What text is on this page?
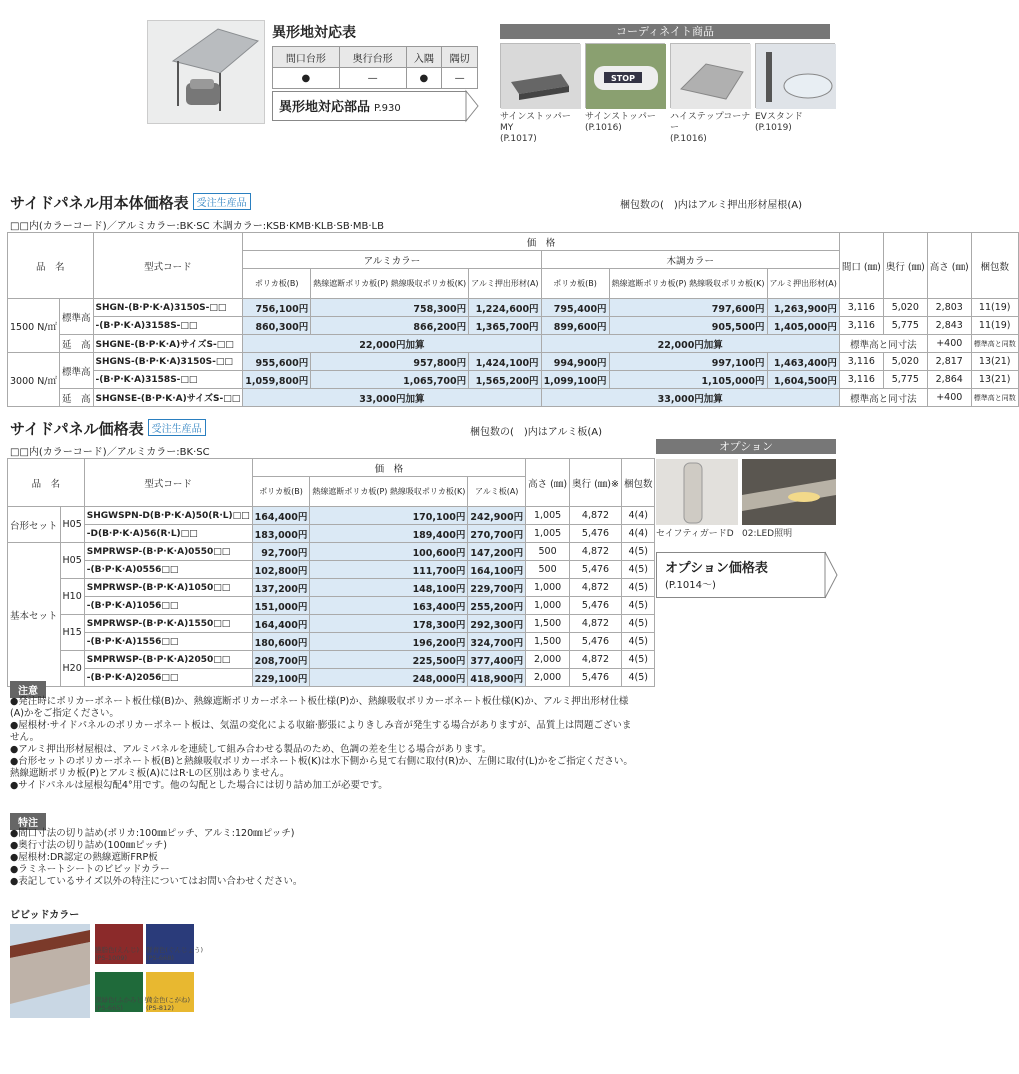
異形地対応表
間口台形	奥行台形	入隅	隅切
●	—	●	—
異形地対応部品 P.930
コーディネイト商品
STOP
サインストッパーMY
(P.1017)
サインストッパー
(P.1016)
ハイステップコーナー
(P.1016)
EVスタンド
(P.1019)
サイドパネル用本体価格表 受注生産品	梱包数の(　)内はアルミ押出形材屋根(A)
□□内(カラーコード)／アルミカラー:BK·SC 木調カラー:KSB·KMB·KLB·SB·MB·LB
品　名		型式コード	価　格						間口 (㎜)	奥行 (㎜)	高さ (㎜)	梱包数
			アルミカラー			木調カラー						
			ポリカ板(B)	熱線遮断ポリカ板(P) 熱線吸収ポリカ板(K)	アルミ押出形材(A)	ポリカ板(B)	熱線遮断ポリカ板(P) 熱線吸収ポリカ板(K)	アルミ押出形材(A)				
1500 N/㎡	標準高	SHGN-(B·P·K·A)3150S-□□	756,100円	758,300円	1,224,600円	795,400円	797,600円	1,263,900円	3,116	5,020	2,803	11(19)
		-(B·P·K·A)3158S-□□	860,300円	866,200円	1,365,700円	899,600円	905,500円	1,405,000円	3,116	5,775	2,843	11(19)
	延　高	SHGNE-(B·P·K·A)サイズS-□□	22,000円加算			22,000円加算			標準高と同寸法		+400	標準高と同数
3000 N/㎡	標準高	SHGNS-(B·P·K·A)3150S-□□	955,600円	957,800円	1,424,100円	994,900円	997,100円	1,463,400円	3,116	5,020	2,817	13(21)
		-(B·P·K·A)3158S-□□	1,059,800円	1,065,700円	1,565,200円	1,099,100円	1,105,000円	1,604,500円	3,116	5,775	2,864	13(21)
	延　高	SHGNSE-(B·P·K·A)サイズS-□□	33,000円加算			33,000円加算			標準高と同寸法		+400	標準高と同数
サイドパネル価格表 受注生産品	梱包数の(　)内はアルミ板(A)
□□内(カラーコード)／アルミカラー:BK·SC
品　名		型式コード	価　格			高さ (㎜)	奥行 (㎜)※	梱包数
			ポリカ板(B)	熱線遮断ポリカ板(P) 熱線吸収ポリカ板(K)	アルミ板(A)			
台形セット	H05	SHGWSPN-D(B·P·K·A)50(R·L)□□	164,400円	170,100円	242,900円	1,005	4,872	4(4)
		-D(B·P·K·A)56(R·L)□□	183,000円	189,400円	270,700円	1,005	5,476	4(4)
基本セット	H05	SMPRWSP-(B·P·K·A)0550□□	92,700円	100,600円	147,200円	500	4,872	4(5)
		-(B·P·K·A)0556□□	102,800円	111,700円	164,100円	500	5,476	4(5)
	H10	SMPRWSP-(B·P·K·A)1050□□	137,200円	148,100円	229,700円	1,000	4,872	4(5)
		-(B·P·K·A)1056□□	151,000円	163,400円	255,200円	1,000	5,476	4(5)
	H15	SMPRWSP-(B·P·K·A)1550□□	164,400円	178,300円	292,300円	1,500	4,872	4(5)
		-(B·P·K·A)1556□□	180,600円	196,200円	324,700円	1,500	5,476	4(5)
	H20	SMPRWSP-(B·P·K·A)2050□□	208,700円	225,500円	377,400円	2,000	4,872	4(5)
		-(B·P·K·A)2056□□	229,100円	248,000円	418,900円	2,000	5,476	4(5)
オプション
セイフティガードD 02:LED照明
オプション価格表
(P.1014〜)
注意
●発注時にポリカーボネート板仕様(B)か、熱線遮断ポリカーボネート板仕様(P)か、熱線吸収ポリカーボネート板仕様(K)か、アルミ押出形材仕様(A)かをご指定ください。
●屋根材·サイドパネルのポリカーボネート板は、気温の変化による収縮·膨張によりきしみ音が発生する場合がありますが、品質上は問題ございません。
●アルミ押出形材屋根は、アルミパネルを連続して組み合わせる製品のため、色調の差を生じる場合があります。
●台形セットのポリカーボネート板(B)と熱線吸収ポリカーボネート板(K)は水下側から見て右側に取付(R)か、左側に取付(L)かをご指定ください。熱線遮断ポリカ板(P)とアルミ板(A)にはR·Lの区別はありません。
●サイドパネルは屋根勾配4°用です。他の勾配とした場合には切り詰め加工が必要です。
特注
●間口寸法の切り詰め(ポリカ:100㎜ピッチ、アルミ:120㎜ピッチ)
●奥行寸法の切り詰め(100㎜ピッチ)
●屋根材:DR認定の熱線遮断FRP板
●ラミネートシートのビビッドカラー
●表記しているサイズ以外の特注についてはお問い合わせください。
ビビッドカラー
臙脂色(えんじ)
(PS-1009)
群青色(ぐんじょう)
(PS-668)
深緑色(ふかみどり)
(PS-665)
黄金色(こがね)
(PS-812)
